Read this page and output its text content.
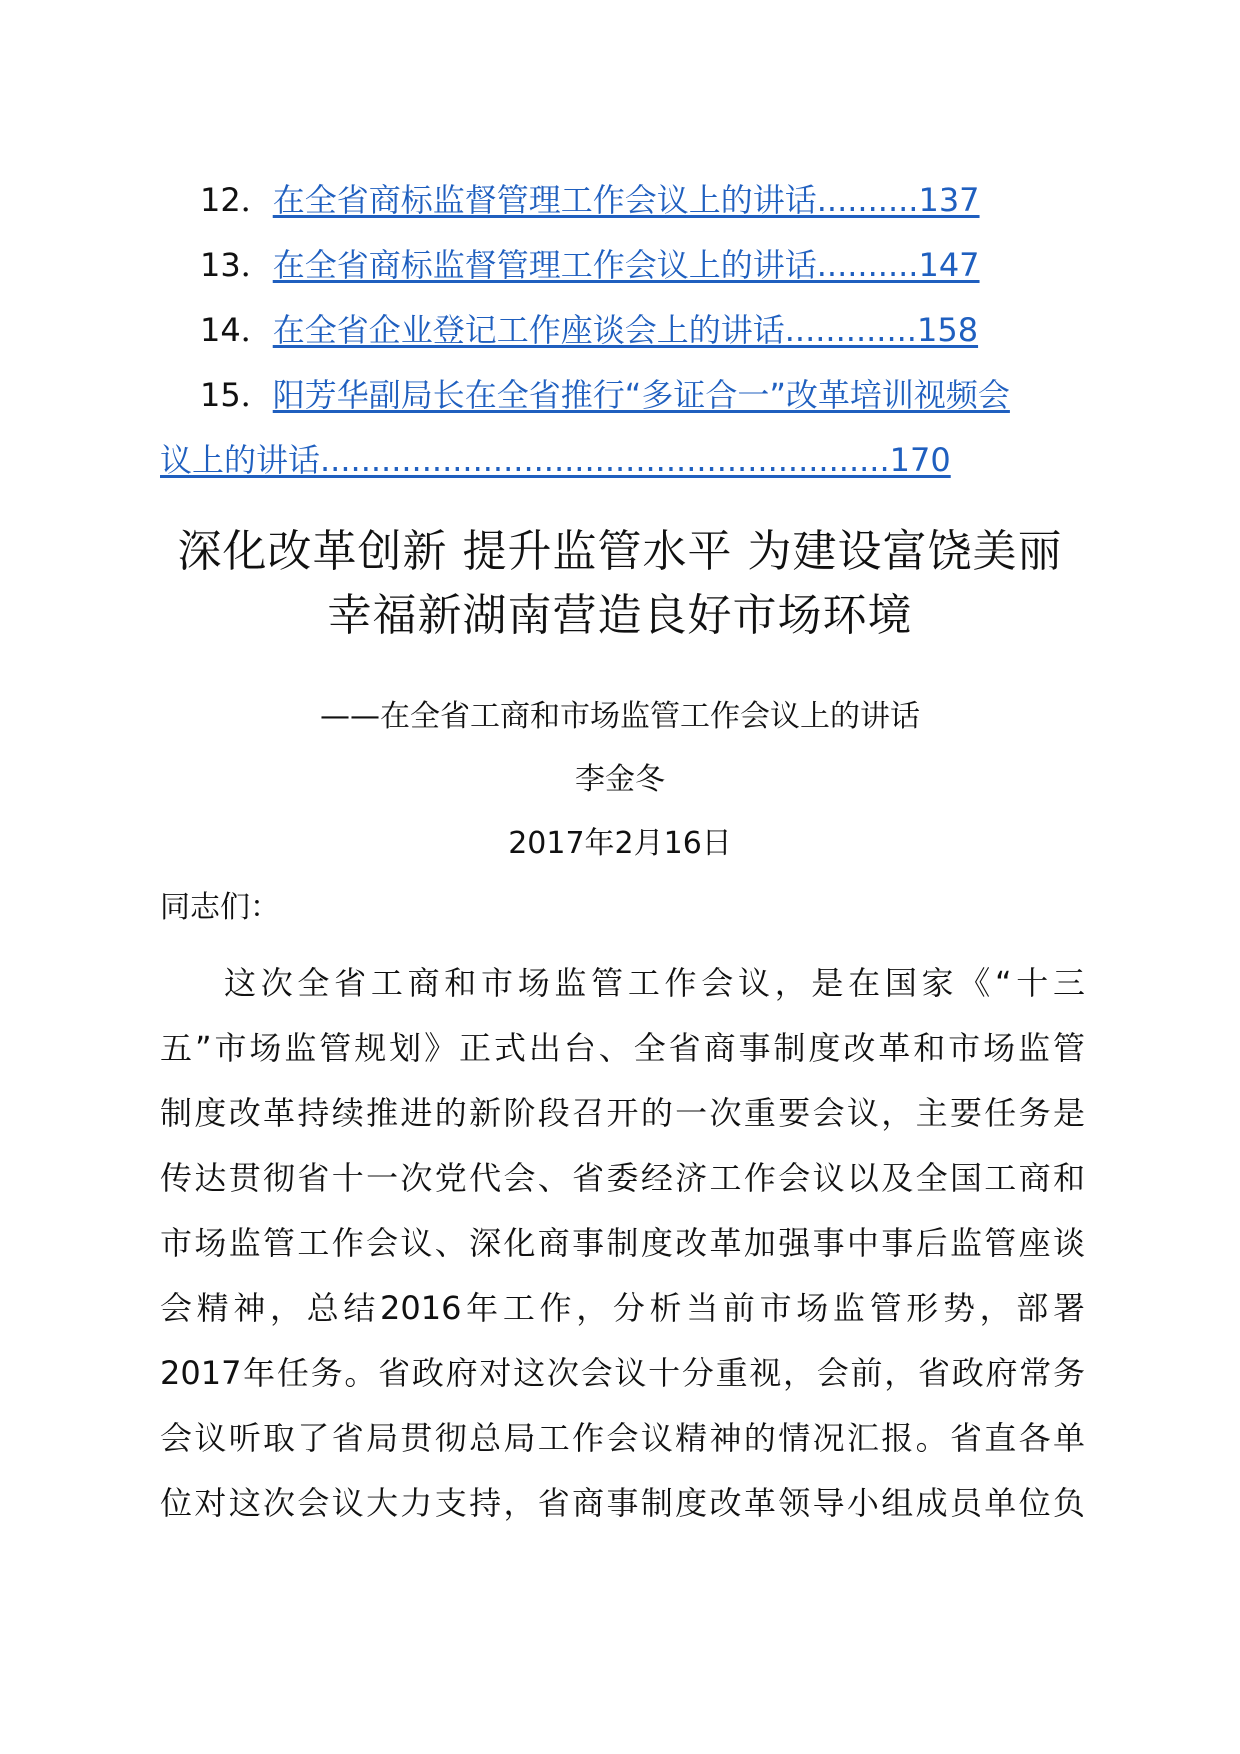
12．在全省商标监督管理工作会议上的讲话..........137
13．在全省商标监督管理工作会议上的讲话..........147
14．在全省企业登记工作座谈会上的讲话.............158
15．阳芳华副局长在全省推行“多证合一”改革培训视频会
议上的讲话........................................................170
深化改革创新 提升监管水平 为建设富饶美丽
幸福新湖南营造良好市场环境
——在全省工商和市场监管工作会议上的讲话
李金冬
2017年2月16日
同志们：
这次全省工商和市场监管工作会议，是在国家《“十三
五”市场监管规划》正式出台、全省商事制度改革和市场监管
制度改革持续推进的新阶段召开的一次重要会议，主要任务是
传达贯彻省十一次党代会、省委经济工作会议以及全国工商和
市场监管工作会议、深化商事制度改革加强事中事后监管座谈
会精神，总结2016年工作，分析当前市场监管形势，部署
2017年任务。省政府对这次会议十分重视，会前，省政府常务
会议听取了省局贯彻总局工作会议精神的情况汇报。省直各单
位对这次会议大力支持，省商事制度改革领导小组成员单位负
